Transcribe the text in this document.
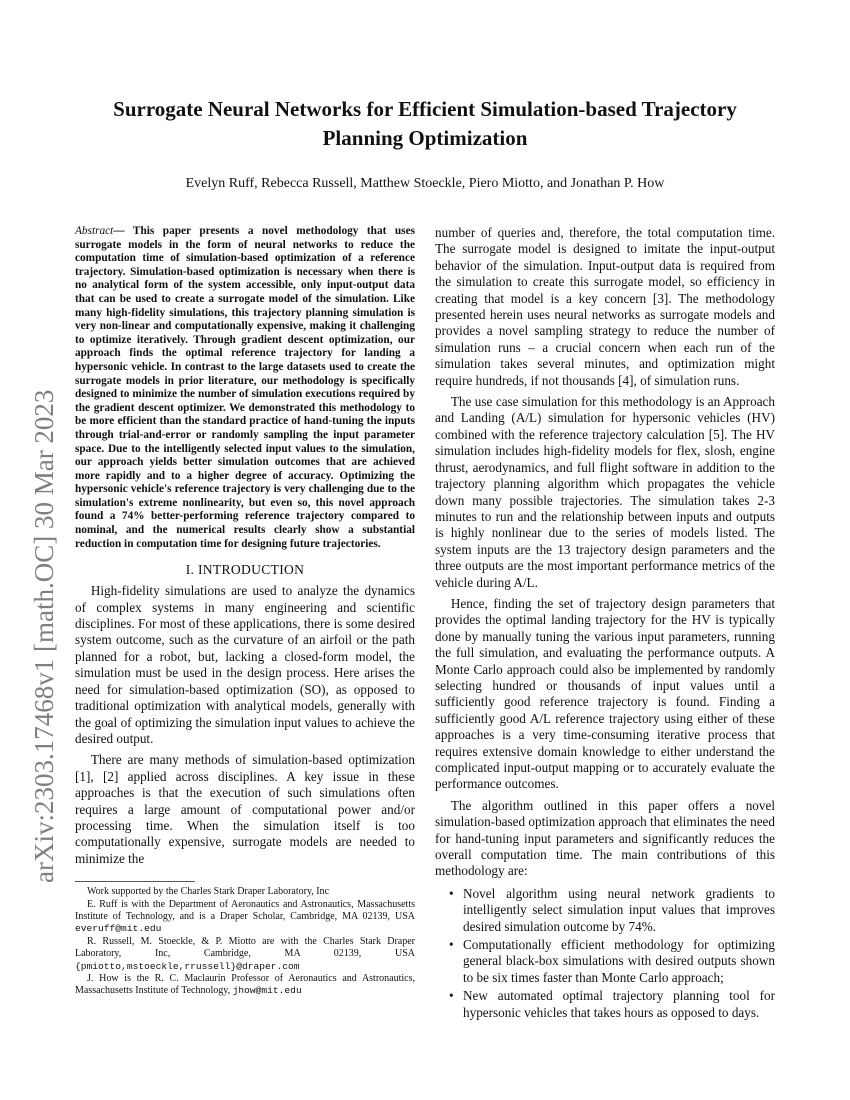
arXiv:2303.17468v1 [math.OC] 30 Mar 2023
Surrogate Neural Networks for Efficient Simulation-based Trajectory
Planning Optimization
Evelyn Ruff, Rebecca Russell, Matthew Stoeckle, Piero Miotto, and Jonathan P. How

Abstract— This paper presents a novel methodology that uses surrogate models in the form of neural networks to reduce the computation time of simulation-based optimization of a reference trajectory. Simulation-based optimization is necessary when there is no analytical form of the system accessible, only input-output data that can be used to create a surrogate model of the simulation. Like many high-fidelity simulations, this trajectory planning simulation is very non-linear and computationally expensive, making it challenging to optimize iteratively. Through gradient descent optimization, our approach finds the optimal reference trajectory for landing a hypersonic vehicle. In contrast to the large datasets used to create the surrogate models in prior literature, our methodology is specifically designed to minimize the number of simulation executions required by the gradient descent optimizer. We demonstrated this methodology to be more efficient than the standard practice of hand-tuning the inputs through trial-and-error or randomly sampling the input parameter space. Due to the intelligently selected input values to the simulation, our approach yields better simulation outcomes that are achieved more rapidly and to a higher degree of accuracy. Optimizing the hypersonic vehicle's reference trajectory is very challenging due to the simulation's extreme nonlinearity, but even so, this novel approach found a 74% better-performing reference trajectory compared to nominal, and the numerical results clearly show a substantial reduction in computation time for designing future trajectories.

I. INTRODUCTION

High-fidelity simulations are used to analyze the dynamics of complex systems in many engineering and scientific disciplines. For most of these applications, there is some desired system outcome, such as the curvature of an airfoil or the path planned for a robot, but, lacking a closed-form model, the simulation must be used in the design process. Here arises the need for simulation-based optimization (SO), as opposed to traditional optimization with analytical models, generally with the goal of optimizing the simulation input values to achieve the desired output.

There are many methods of simulation-based optimization [1], [2] applied across disciplines. A key issue in these approaches is that the execution of such simulations often requires a large amount of computational power and/or processing time. When the simulation itself is too computationally expensive, surrogate models are needed to minimize the

Work supported by the Charles Stark Draper Laboratory, Inc
E. Ruff is with the Department of Aeronautics and Astronautics, Massachusetts Institute of Technology, and is a Draper Scholar, Cambridge, MA 02139, USA everuff@mit.edu
R. Russell, M. Stoeckle, & P. Miotto are with the Charles Stark Draper Laboratory, Inc, Cambridge, MA 02139, USA {pmiotto,mstoeckle,rrussell}@draper.com
J. How is the R. C. Maclaurin Professor of Aeronautics and Astronautics, Massachusetts Institute of Technology, jhow@mit.edu

number of queries and, therefore, the total computation time. The surrogate model is designed to imitate the input-output behavior of the simulation. Input-output data is required from the simulation to create this surrogate model, so efficiency in creating that model is a key concern [3]. The methodology presented herein uses neural networks as surrogate models and provides a novel sampling strategy to reduce the number of simulation runs – a crucial concern when each run of the simulation takes several minutes, and optimization might require hundreds, if not thousands [4], of simulation runs.

The use case simulation for this methodology is an Approach and Landing (A/L) simulation for hypersonic vehicles (HV) combined with the reference trajectory calculation [5]. The HV simulation includes high-fidelity models for flex, slosh, engine thrust, aerodynamics, and full flight software in addition to the trajectory planning algorithm which propagates the vehicle down many possible trajectories. The simulation takes 2-3 minutes to run and the relationship between inputs and outputs is highly nonlinear due to the series of models listed. The system inputs are the 13 trajectory design parameters and the three outputs are the most important performance metrics of the vehicle during A/L.

Hence, finding the set of trajectory design parameters that provides the optimal landing trajectory for the HV is typically done by manually tuning the various input parameters, running the full simulation, and evaluating the performance outputs. A Monte Carlo approach could also be implemented by randomly selecting hundred or thousands of input values until a sufficiently good reference trajectory is found. Finding a sufficiently good A/L reference trajectory using either of these approaches is a very time-consuming iterative process that requires extensive domain knowledge to either understand the complicated input-output mapping or to accurately evaluate the performance outcomes.

The algorithm outlined in this paper offers a novel simulation-based optimization approach that eliminates the need for hand-tuning input parameters and significantly reduces the overall computation time. The main contributions of this methodology are:

• Novel algorithm using neural network gradients to intelligently select simulation input values that improves desired simulation outcome by 74%.
• Computationally efficient methodology for optimizing general black-box simulations with desired outputs shown to be six times faster than Monte Carlo approach;
• New automated optimal trajectory planning tool for hypersonic vehicles that takes hours as opposed to days.
